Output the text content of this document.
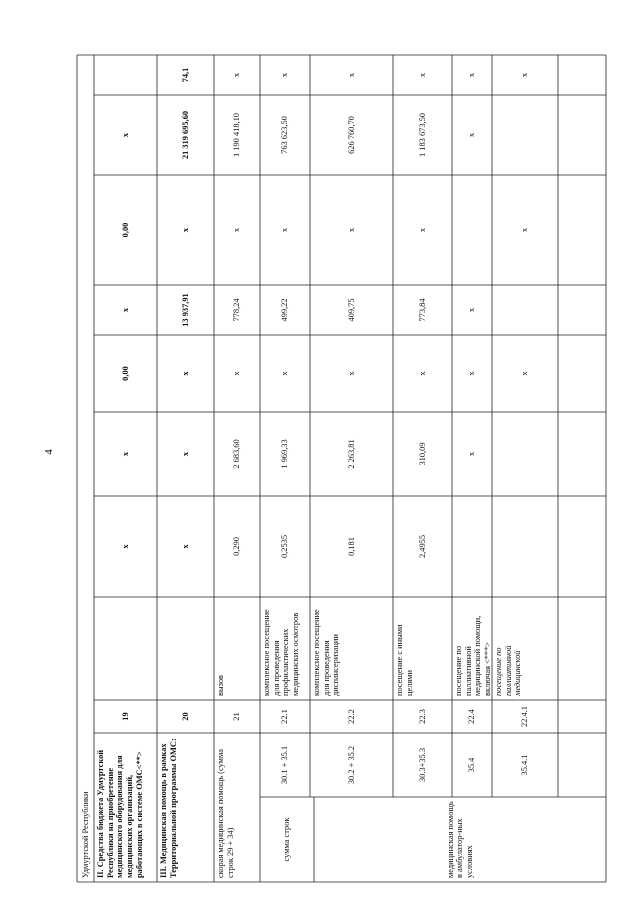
4
Удмуртской Республики	медицинская помощь в амбулатор-ных условиях
сумма строк
II. Средства бюджета Удмуртской Республики на приобретение медицинского оборудования для медицинских организаций, работающих в системе ОМС<**>
19
x
x
0,00
x
0,00
x
III. Медицинская помощь в рамках Территориальной программы ОМС:
20
x
x
x
13 937,91
x
21 319 695,60
74,1
скорая медицинская помощь (сумма строк 29 + 34)
21
вызов
0,290
2 683,60
x
778,24
x
1 190 418,10
x
30.1 + 35.1
22.1
комплексное посещение для проведения профилактических медицинских осмотров
0,2535
1 969,33
x
499,22
x
763 623,50
x
30.2 + 35.2
22.2
комплексное посещение для проведения диспансеризации
0,181
2 263,81
x
409,75
x
626 760,70
x
30.3+35.3
22.3
посещение с иными целями
2,4955
310,09
x
773,84
x
1 183 673,50
x
35.4
22.4
посещение по паллиативной медицинской помощи, включая <***>
x
x
x
x
x
35.4.1
22.4.1
посещение по паллиативной медицинской
x
x
x
